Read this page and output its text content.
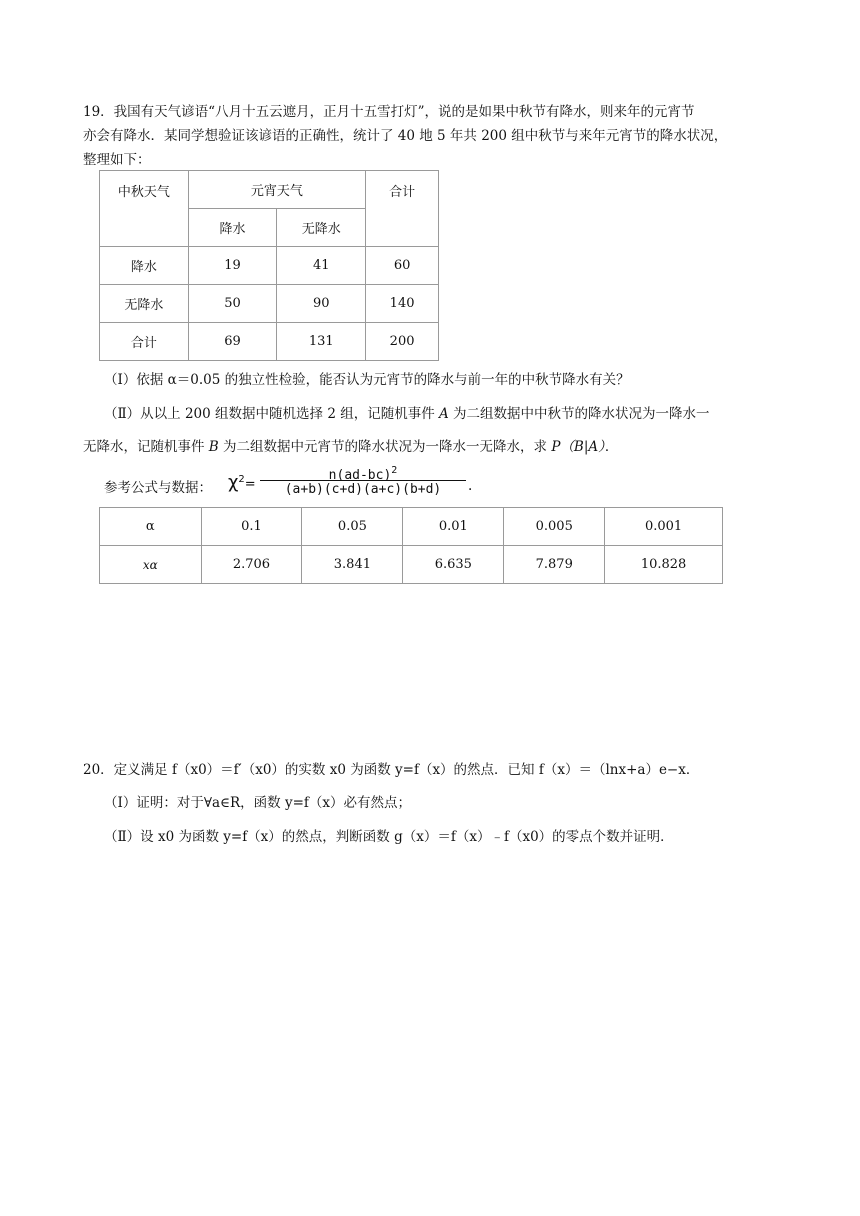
19．我国有天气谚语“八月十五云遮月，正月十五雪打灯”，说的是如果中秋节有降水，则来年的元宵节
亦会有降水．某同学想验证该谚语的正确性，统计了 40 地 5 年共 200 组中秋节与来年元宵节的降水状况，
整理如下：
中秋天气	元宵天气		合计
	降水	无降水	
降水	19	41	60
无降水	50	90	140
合计	69	131	200
（Ⅰ）依据 α＝0.05 的独立性检验，能否认为元宵节的降水与前一年的中秋节降水有关？
（Ⅱ）从以上 200 组数据中随机选择 2 组，记随机事件 A 为二组数据中中秋节的降水状况为一降水一
无降水，记随机事件 B 为二组数据中元宵节的降水状况为一降水一无降水，求 P（B|A）．
参考公式与数据： $\chi^2=$
$n(ad-bc)^2$
(a+b)(c+d)(a+c)(b+d)	.
α	0.1	0.05	0.01	0.005	0.001
xα	2.706	3.841	6.635	7.879	10.828
20．定义满足 f（x0）＝f′（x0）的实数 x0 为函数 y=f（x）的然点．已知 f（x）＝（lnx+a）e−x．
（Ⅰ）证明：对于∀a∈R，函数 y=f（x）必有然点；
（Ⅱ）设 x0 为函数 y=f（x）的然点，判断函数 g（x）＝f（x）﹣f（x0）的零点个数并证明．
